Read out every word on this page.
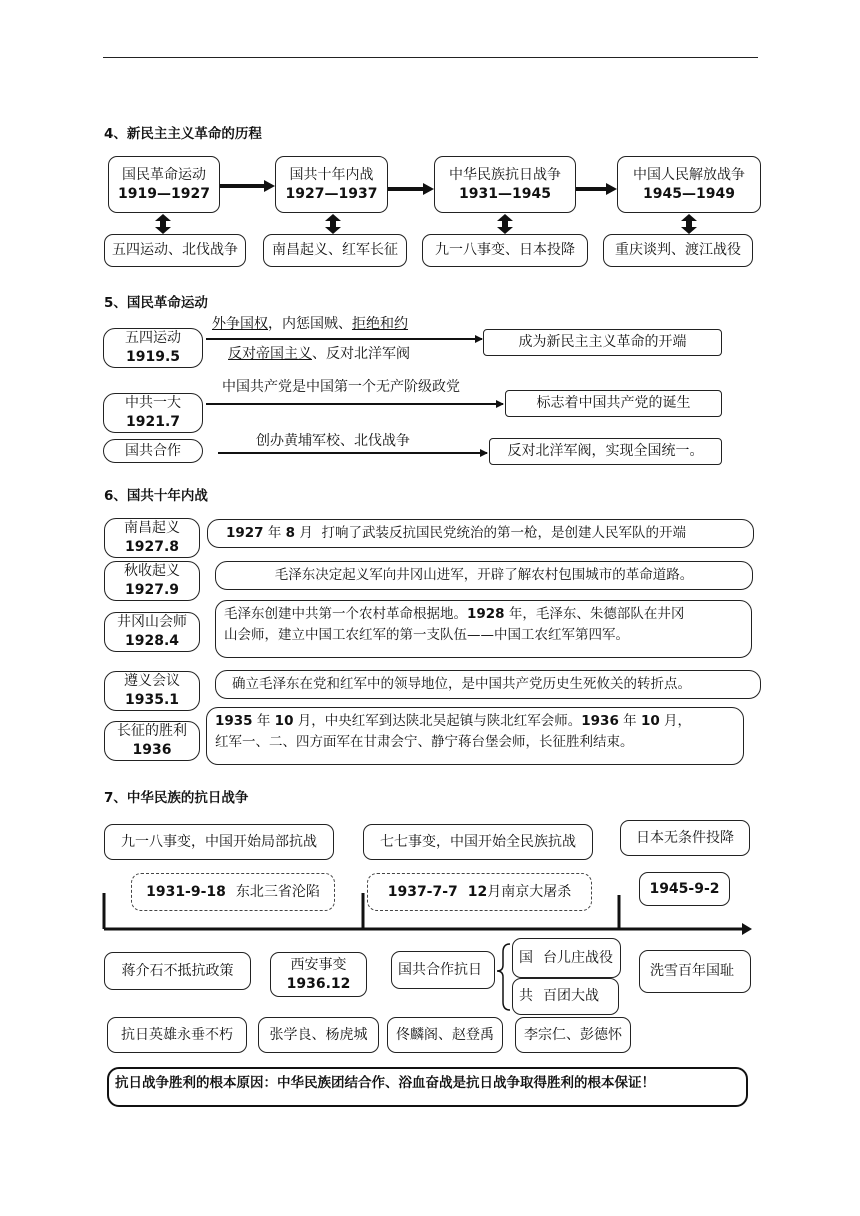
4、新民主主义革命的历程
国民革命运动
1919—1927
国共十年内战
1927—1937
中华民族抗日战争
1931—1945
中国人民解放战争
1945—1949
五四运动、北伐战争 南昌起义、红军长征	九一八事变、日本投降	重庆谈判、渡江战役
5、国民革命运动
五四运动
1919.5
外争国权，内惩国贼、拒绝和约
反对帝国主义、反对北洋军阀
成为新民主主义革命的开端
中共一大
1921.7
中国共产党是中国第一个无产阶级政党
标志着中国共产党的诞生
国共合作
创办黄埔军校、北伐战争
反对北洋军阀，实现全国统一。
6、国共十年内战
南昌起义
1927.8
1927 年 8 月 打响了武装反抗国民党统治的第一枪，是创建人民军队的开端
秋收起义
1927.9
毛泽东决定起义军向井冈山进军，开辟了解农村包围城市的革命道路。
井冈山会师
1928.4
毛泽东创建中共第一个农村革命根据地。1928 年，毛泽东、朱德部队在井冈
山会师，建立中国工农红军的第一支队伍——中国工农红军第四军。
遵义会议
1935.1
确立毛泽东在党和红军中的领导地位，是中国共产党历史生死攸关的转折点。
长征的胜利
1936
1935 年 10 月，中央红军到达陕北吴起镇与陕北红军会师。1936 年 10 月，
红军一、二、四方面军在甘肃会宁、静宁蒋台堡会师，长征胜利结束。
7、中华民族的抗日战争
九一八事变，中国开始局部抗战	七七事变，中国开始全民族抗战	日本无条件投降
1931-9-18 东北三省沦陷	1937-7-7 12月南京大屠杀	1945-9-2
蒋介石不抵抗政策	西安事变
1936.12
国共合作抗日
国 台儿庄战役
共 百团大战
洗雪百年国耻
抗日英雄永垂不朽	张学良、杨虎城 佟麟阁、赵登禹 李宗仁、彭德怀
抗日战争胜利的根本原因：中华民族团结合作、浴血奋战是抗日战争取得胜利的根本保证！
